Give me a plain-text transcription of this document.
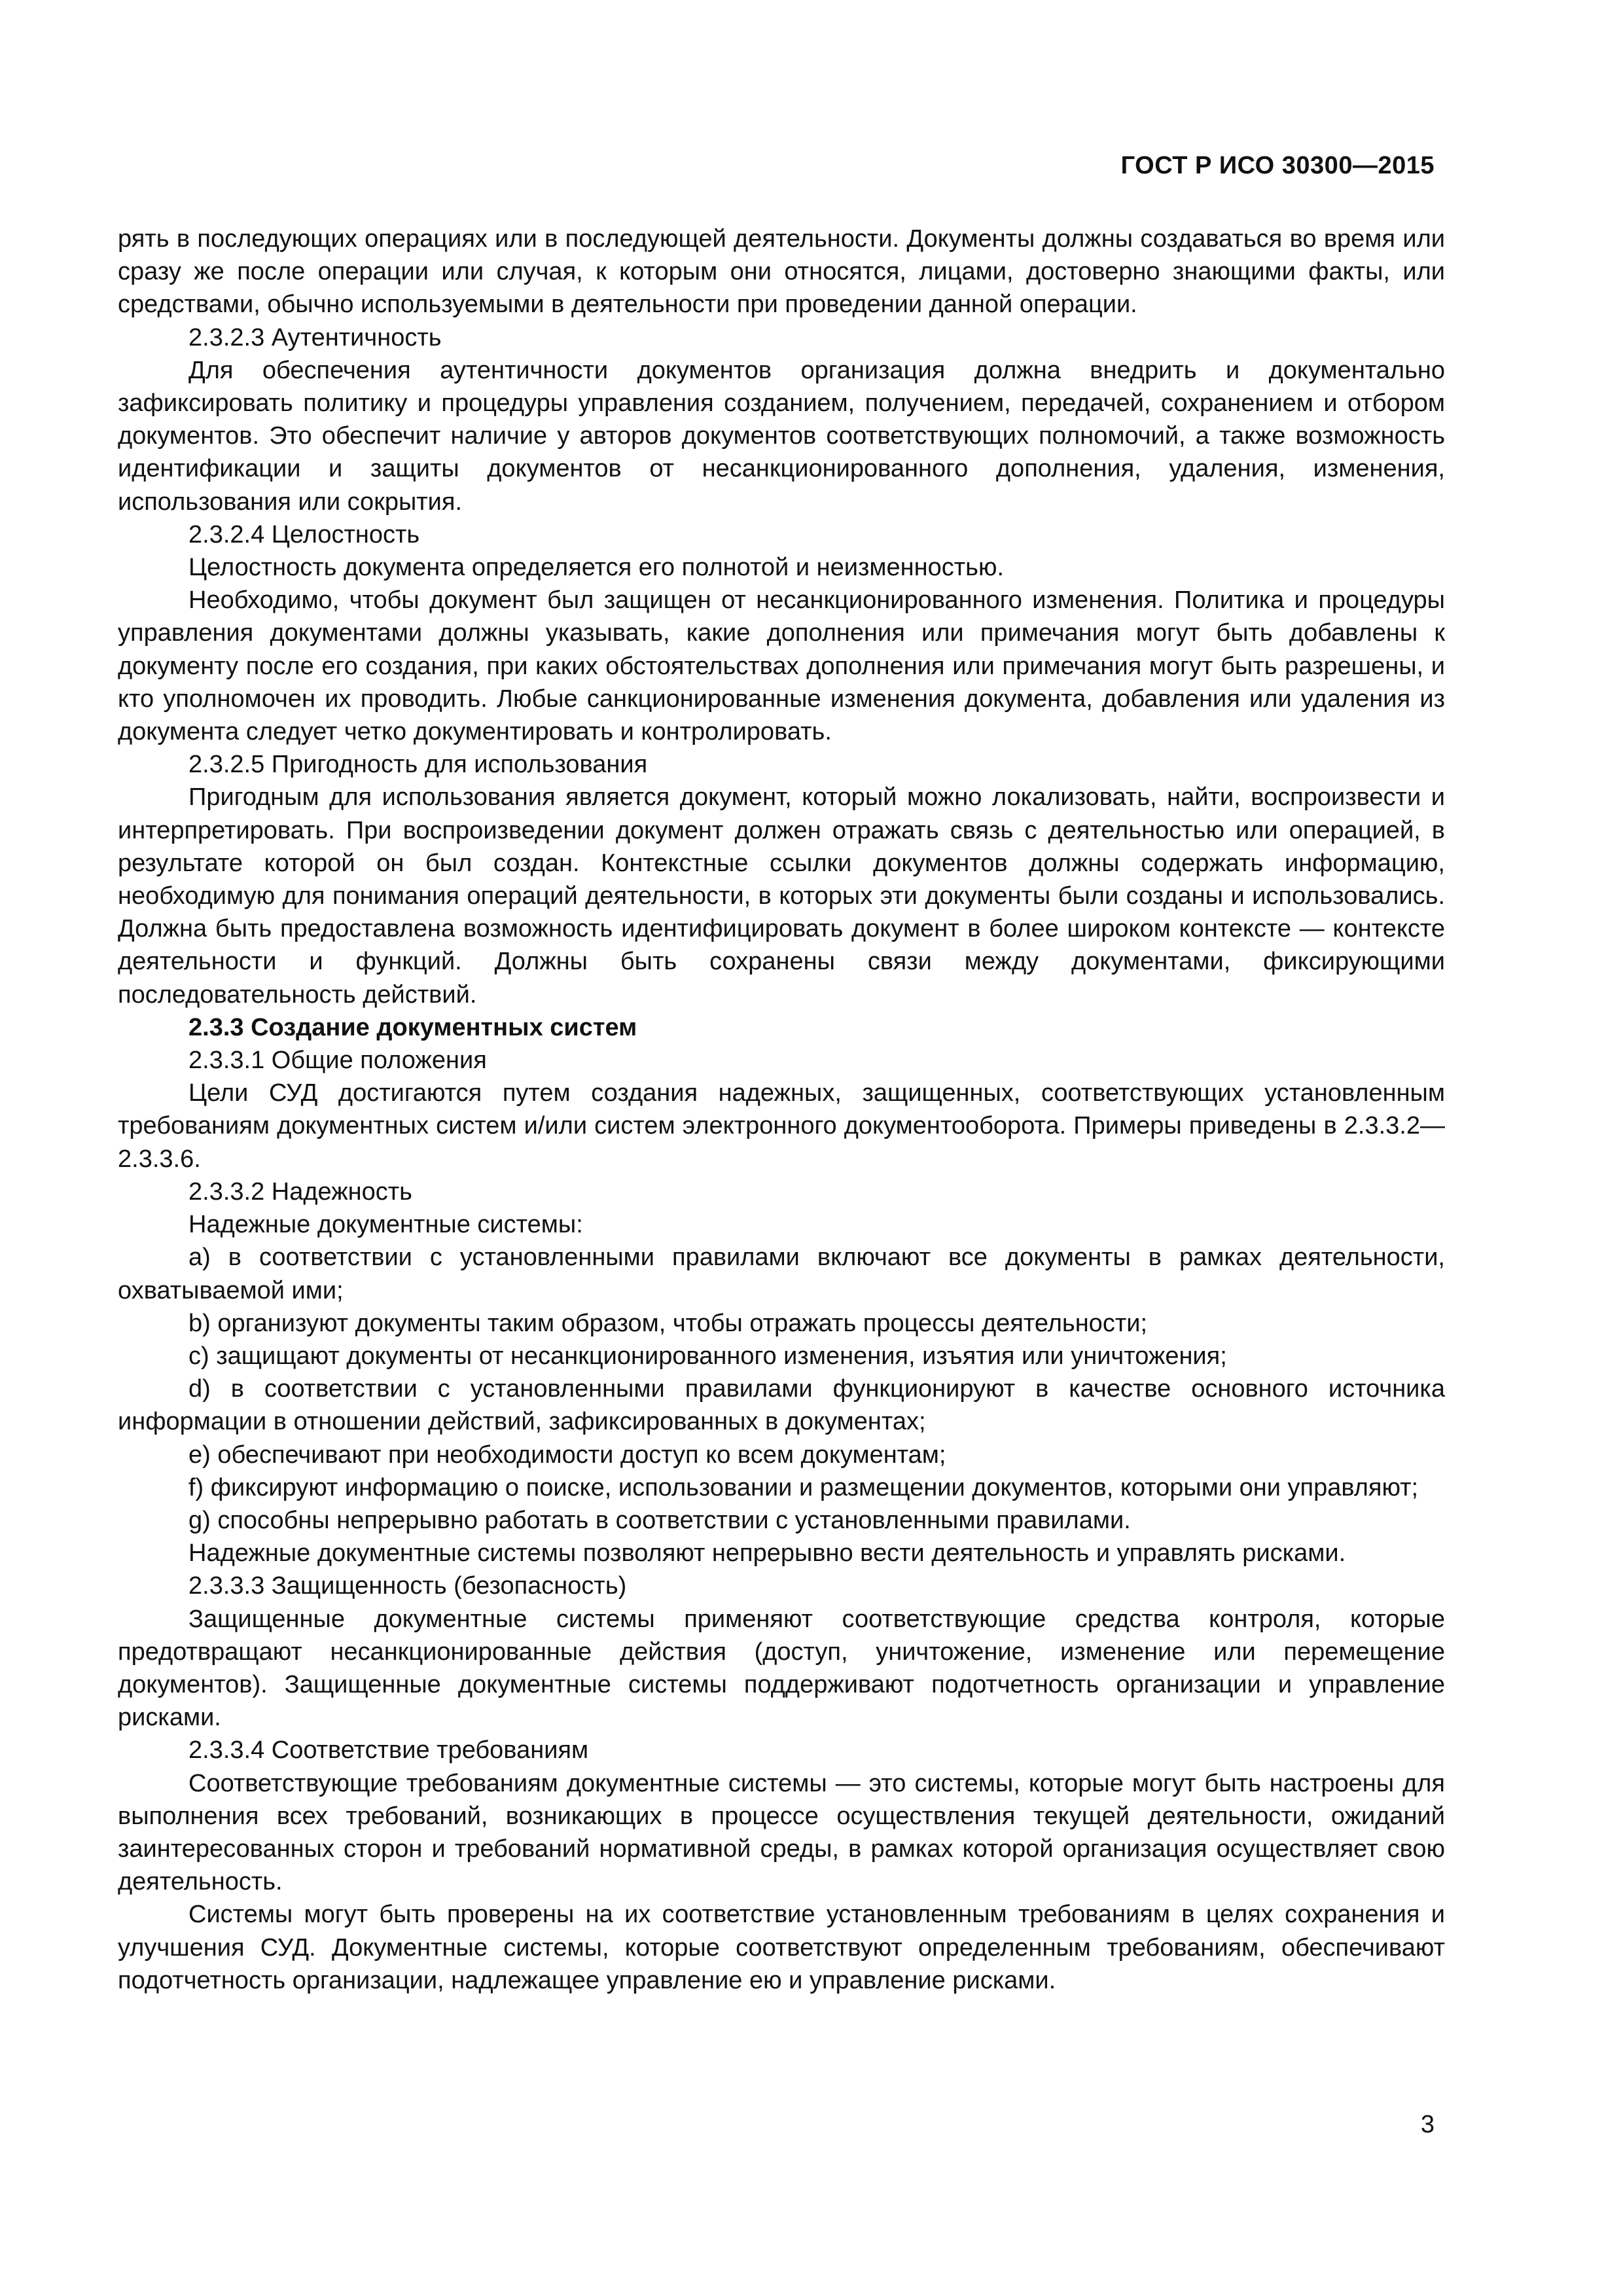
ГОСТ Р ИСО 30300—2015

рять в последующих операциях или в последующей деятельности. Документы должны создаваться во время или сразу же после операции или случая, к которым они относятся, лицами, достоверно знающими факты, или средствами, обычно используемыми в деятельности при проведении данной операции.

2.3.2.3 Аутентичность

Для обеспечения аутентичности документов организация должна внедрить и документально зафиксировать политику и процедуры управления созданием, получением, передачей, сохранением и отбором документов. Это обеспечит наличие у авторов документов соответствующих полномочий, а также возможность идентификации и защиты документов от несанкционированного дополнения, удаления, изменения, использования или сокрытия.

2.3.2.4 Целостность

Целостность документа определяется его полнотой и неизменностью.

Необходимо, чтобы документ был защищен от несанкционированного изменения. Политика и процедуры управления документами должны указывать, какие дополнения или примечания могут быть добавлены к документу после его создания, при каких обстоятельствах дополнения или примечания могут быть разрешены, и кто уполномочен их проводить. Любые санкционированные изменения документа, добавления или удаления из документа следует четко документировать и контролировать.

2.3.2.5 Пригодность для использования

Пригодным для использования является документ, который можно локализовать, найти, воспроизвести и интерпретировать. При воспроизведении документ должен отражать связь с деятельностью или операцией, в результате которой он был создан. Контекстные ссылки документов должны содержать информацию, необходимую для понимания операций деятельности, в которых эти документы были созданы и использовались. Должна быть предоставлена возможность идентифицировать документ в более широком контексте — контексте деятельности и функций. Должны быть сохранены связи между документами, фиксирующими последовательность действий.

2.3.3 Создание документных систем

2.3.3.1 Общие положения

Цели СУД достигаются путем создания надежных, защищенных, соответствующих установленным требованиям документных систем и/или систем электронного документооборота. Примеры приведены в 2.3.3.2—2.3.3.6.

2.3.3.2 Надежность

Надежные документные системы:

a) в соответствии с установленными правилами включают все документы в рамках деятельности, охватываемой ими;

b) организуют документы таким образом, чтобы отражать процессы деятельности;

c) защищают документы от несанкционированного изменения, изъятия или уничтожения;

d) в соответствии с установленными правилами функционируют в качестве основного источника информации в отношении действий, зафиксированных в документах;

e) обеспечивают при необходимости доступ ко всем документам;

f) фиксируют информацию о поиске, использовании и размещении документов, которыми они управляют;

g) способны непрерывно работать в соответствии с установленными правилами.

Надежные документные системы позволяют непрерывно вести деятельность и управлять рисками.

2.3.3.3 Защищенность (безопасность)

Защищенные документные системы применяют соответствующие средства контроля, которые предотвращают несанкционированные действия (доступ, уничтожение, изменение или перемещение документов). Защищенные документные системы поддерживают подотчетность организации и управление рисками.

2.3.3.4 Соответствие требованиям

Соответствующие требованиям документные системы — это системы, которые могут быть настроены для выполнения всех требований, возникающих в процессе осуществления текущей деятельности, ожиданий заинтересованных сторон и требований нормативной среды, в рамках которой организация осуществляет свою деятельность.

Системы могут быть проверены на их соответствие установленным требованиям в целях сохранения и улучшения СУД. Документные системы, которые соответствуют определенным требованиям, обеспечивают подотчетность организации, надлежащее управление ею и управление рисками.

3
